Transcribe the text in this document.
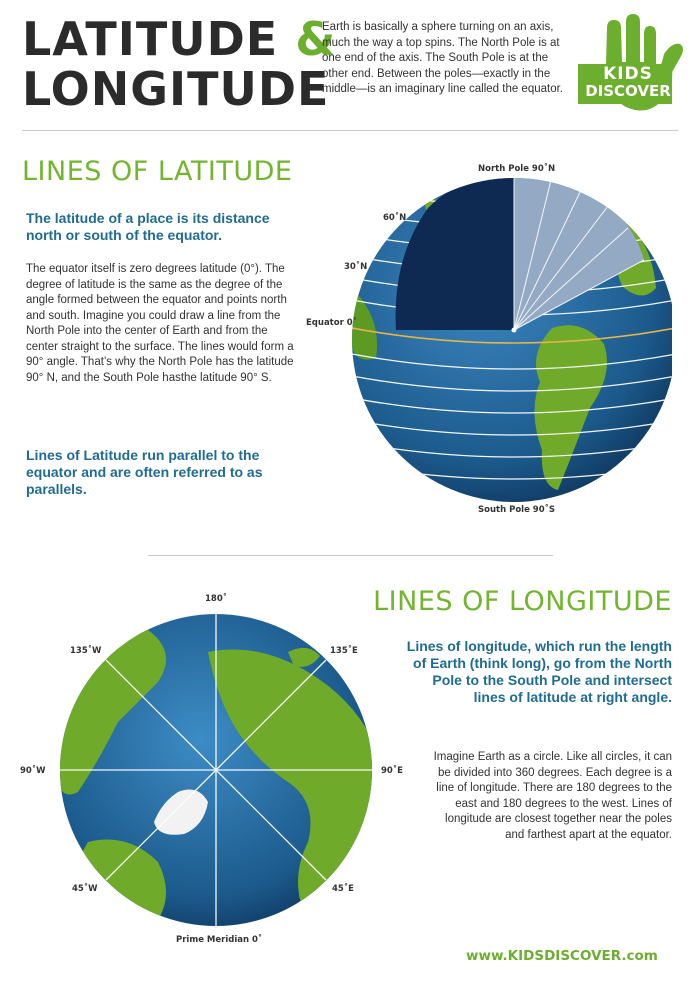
LATITUDE &
LONGITUDE

Earth is basically a sphere turning on an axis, much the way a top spins. The North Pole is at one end of the axis. The South Pole is at the other end. Between the poles—exactly in the middle—is an imaginary line called the equator.

KIDS
DISCOVER
LINES OF LATITUDE

The latitude of a place is its distance north or south of the equator.

The equator itself is zero degrees latitude (0°). The degree of latitude is the same as the degree of the angle formed between the equator and points north and south. Imagine you could draw a line from the North Pole into the center of Earth and from the center straight to the surface. The lines would form a 90° angle. That’s why the North Pole has the latitude 90° N, and the South Pole hasthe latitude 90° S.

Lines of Latitude run parallel to the equator and are often referred to as parallels.

North Pole 90˚N
60˚N
30˚N
Equator 0˚
South Pole 90˚S
LINES OF LONGITUDE

Lines of longitude, which run the length of Earth (think long), go from the North Pole to the South Pole and intersect lines of latitude at right angle.

Imagine Earth as a circle. Like all circles, it can be divided into 360 degrees. Each degree is a line of longitude. There are 180 degrees to the east and 180 degrees to the west. Lines of longitude are closest together near the poles and farthest apart at the equator.

180˚
135˚W	135˚E
90˚W	90˚E
45˚W	45˚E
Prime Meridian 0˚
www.KIDSDISCOVER.com
